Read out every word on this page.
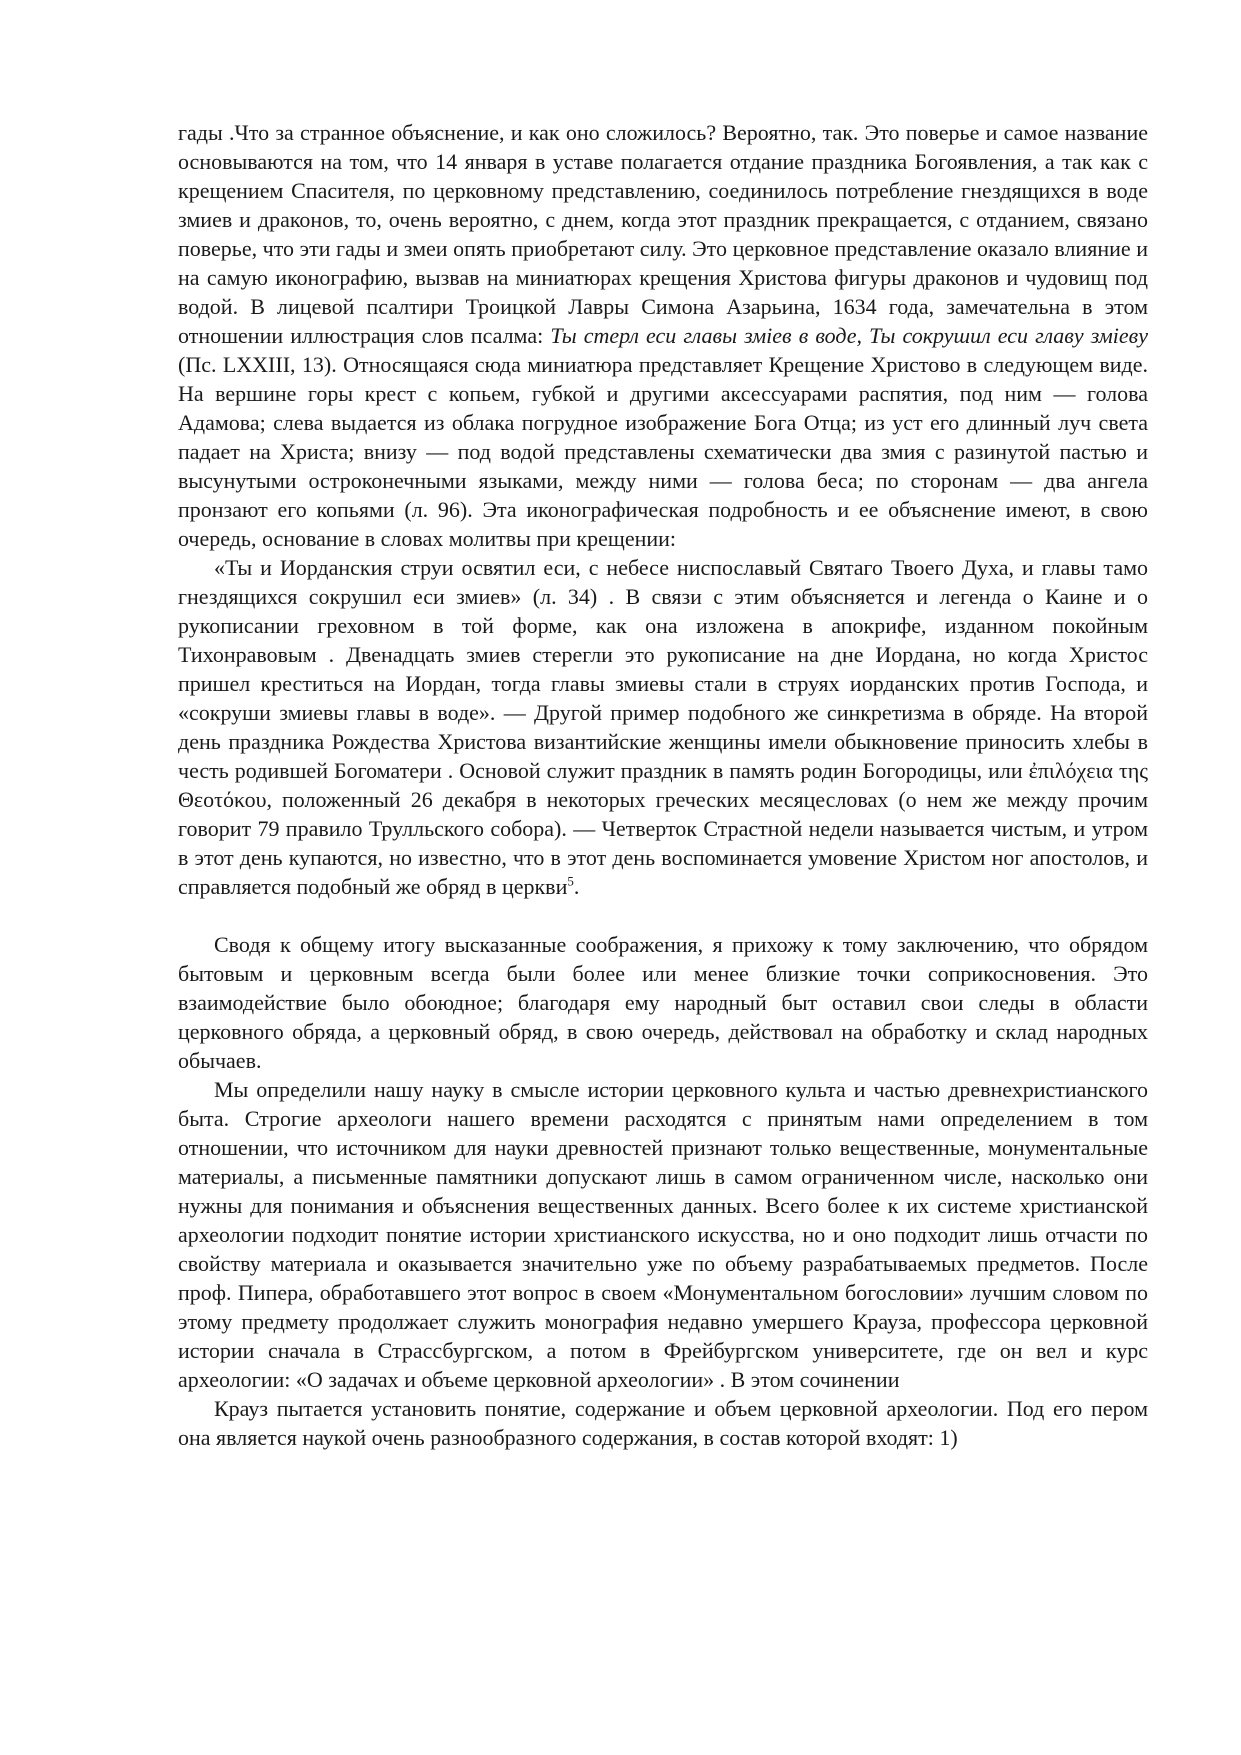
гады .Что за странное объяснение, и как оно сложилось? Вероятно, так. Это поверье и самое название основываются на том, что 14 января в уставе полагается отдание праздника Богоявления, а так как с крещением Спасителя, по церковному представлению, соединилось потребление гнездящихся в воде змиев и драконов, то, очень вероятно, с днем, когда этот праздник прекращается, с отданием, связано поверье, что эти гады и змеи опять приобретают силу. Это церковное представление оказало влияние и на самую иконографию, вызвав на миниатюрах крещения Христова фигуры драконов и чудовищ под водой. В лицевой псалтири Троицкой Лавры Симона Азарьина, 1634 года, замечательна в этом отношении иллюстрация слов псалма: Ты стерл еси главы змiев в воде, Ты сокрушил еси главу змiеву (Пс. LXXIII, 13). Относящаяся сюда миниатюра представляет Крещение Христово в следующем виде. На вершине горы крест с копьем, губкой и другими аксессуарами распятия, под ним — голова Адамова; слева выдается из облака погрудное изображение Бога Отца; из уст его длинный луч света падает на Христа; внизу — под водой представлены схематически два змия с разинутой пастью и высунутыми остроконечными языками, между ними — голова беса; по сторонам — два ангела пронзают его копьями (л. 96). Эта иконографическая подробность и ее объяснение имеют, в свою очередь, основание в словах молитвы при крещении:

«Ты и Иорданския струи освятил еси, с небесе ниспославый Святаго Твоего Духа, и главы тамо гнездящихся сокрушил еси змиев» (л. 34) . В связи с этим объясняется и легенда о Каине и о рукописании греховном в той форме, как она изложена в апокрифе, изданном покойным Тихонравовым . Двенадцать змиев стерегли это рукописание на дне Иордана, но когда Христос пришел креститься на Иордан, тогда главы змиевы стали в струях иорданских против Господа, и «сокруши змиевы главы в воде». — Другой пример подобного же синкретизма в обряде. На второй день праздника Рождества Христова византийские женщины имели обыкновение приносить хлебы в честь родившей Богоматери . Основой служит праздник в память родин Богородицы, или ἐπιλόχεια της Θεοτόκου, положенный 26 декабря в некоторых греческих месяцесловах (о нем же между прочим говорит 79 правило Трулльского собора). — Четверток Страстной недели называется чистым, и утром в этот день купаются, но известно, что в этот день воспоминается умовение Христом ног апостолов, и справляется подобный же обряд в церкви$^5$.

Сводя к общему итогу высказанные соображения, я прихожу к тому заключению, что обрядом бытовым и церковным всегда были более или менее близкие точки соприкосновения. Это взаимодействие было обоюдное; благодаря ему народный быт оставил свои следы в области церковного обряда, а церковный обряд, в свою очередь, действовал на обработку и склад народных обычаев.

Мы определили нашу науку в смысле истории церковного культа и частью древнехристианского быта. Строгие археологи нашего времени расходятся с принятым нами определением в том отношении, что источником для науки древностей признают только вещественные, монументальные материалы, а письменные памятники допускают лишь в самом ограниченном числе, насколько они нужны для понимания и объяснения вещественных данных. Всего более к их системе христианской археологии подходит понятие истории христианского искусства, но и оно подходит лишь отчасти по свойству материала и оказывается значительно уже по объему разрабатываемых предметов. После проф. Пипера, обработавшего этот вопрос в своем «Монументальном богословии» лучшим словом по этому предмету продолжает служить монография недавно умершего Крауза, профессора церковной истории сначала в Страссбургском, а потом в Фрейбургском университете, где он вел и курс археологии: «О задачах и объеме церковной археологии» . В этом сочинении

Крауз пытается установить понятие, содержание и объем церковной археологии. Под его пером она является наукой очень разнообразного содержания, в состав которой входят: 1)
